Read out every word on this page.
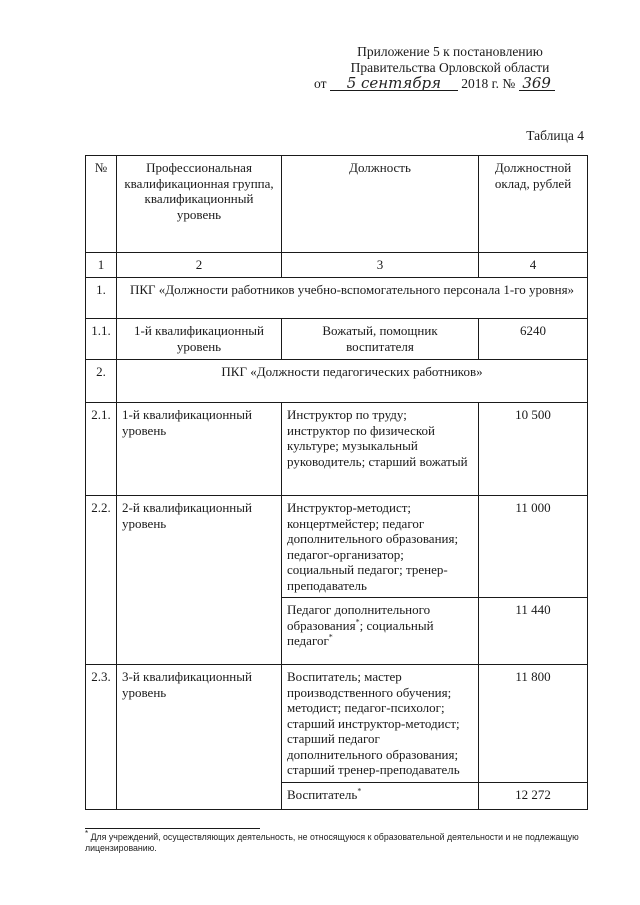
Приложение 5 к постановлению
Правительства Орловской области
от 5 сентября 2018 г. № 369
Таблица 4
№	Профессиональная квалификационная группа, квалификационный уровень	Должность	Должностной оклад, рублей
1	2	3	4
1.	ПКГ «Должности работников учебно-вспомогательного персонала 1-го уровня»		
1.1.	1-й квалификационный уровень	Вожатый, помощник воспитателя	6240
2.	ПКГ «Должности педагогических работников»		
2.1.	1-й квалификационный уровень	Инструктор по труду; инструктор по физической культуре; музыкальный руководитель; старший вожатый	10 500
2.2.	2-й квалификационный уровень	Инструктор-методист; концертмейстер; педагог дополнительного образования; педагог-организатор; социальный педагог; тренер-преподаватель	11 000
		Педагог дополнительного образования*; социальный педагог*	11 440
2.3.	3-й квалификационный уровень	Воспитатель; мастер производственного обучения; методист; педагог-психолог; старший инструктор-методист; старший педагог дополнительного образования; старший тренер-преподаватель	11 800
		Воспитатель*	12 272
* Для учреждений, осуществляющих деятельность, не относящуюся к образовательной деятельности и не подлежащую лицензированию.
